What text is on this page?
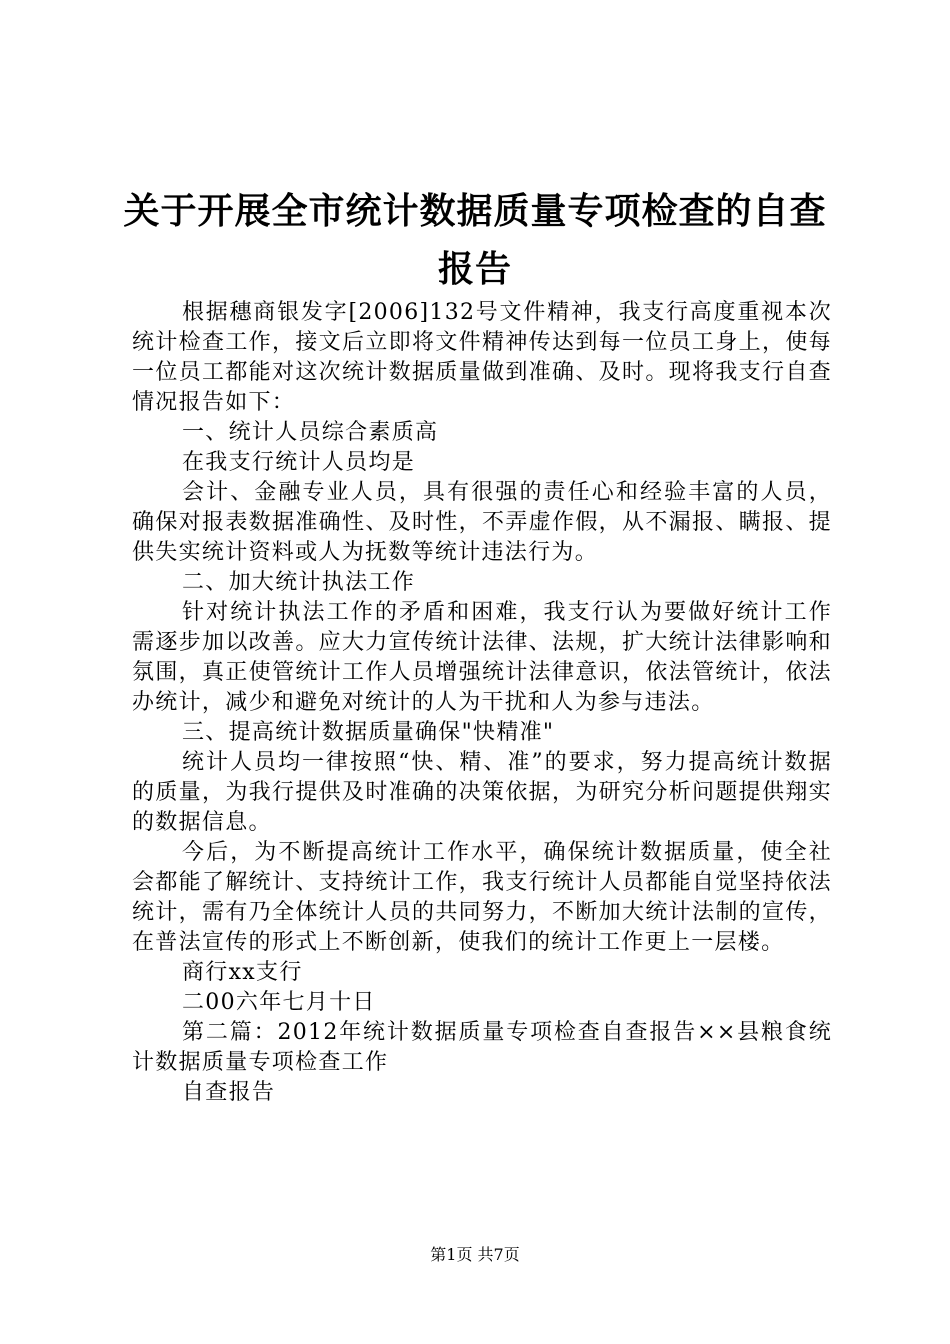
关于开展全市统计数据质量专项检查的自查报告

根据穗商银发字[2006]132号文件精神，我支行高度重视本次统计检查工作，接文后立即将文件精神传达到每一位员工身上，使每一位员工都能对这次统计数据质量做到准确、及时。现将我支行自查情况报告如下：

一、统计人员综合素质高

在我支行统计人员均是

会计、金融专业人员，具有很强的责任心和经验丰富的人员，确保对报表数据准确性、及时性，不弄虚作假，从不漏报、瞒报、提供失实统计资料或人为抚数等统计违法行为。

二、加大统计执法工作

针对统计执法工作的矛盾和困难，我支行认为要做好统计工作需逐步加以改善。应大力宣传统计法律、法规，扩大统计法律影响和氛围，真正使管统计工作人员增强统计法律意识，依法管统计，依法办统计，减少和避免对统计的人为干扰和人为参与违法。

三、提高统计数据质量确保"快精准"

统计人员均一律按照“快、精、准”的要求，努力提高统计数据的质量，为我行提供及时准确的决策依据，为研究分析问题提供翔实的数据信息。

今后，为不断提高统计工作水平，确保统计数据质量，使全社会都能了解统计、支持统计工作，我支行统计人员都能自觉坚持依法统计，需有乃全体统计人员的共同努力，不断加大统计法制的宣传，在普法宣传的形式上不断创新，使我们的统计工作更上一层楼。

商行xx支行

二00六年七月十日

第二篇：2012年统计数据质量专项检查自查报告××县粮食统计数据质量专项检查工作

自查报告

第1页 共7页
